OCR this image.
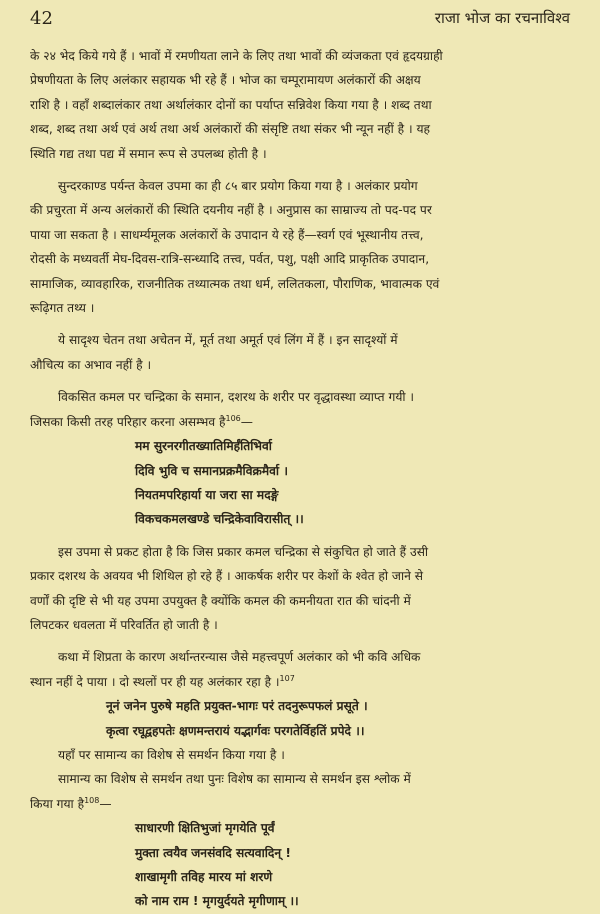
42	राजा भोज का रचनाविश्व
के २४ भेद किये गये हैं । भावों में रमणीयता लाने के लिए तथा भावों की व्यंजकता एवं हृदयग्राही
प्रेषणीयता के लिए अलंकार सहायक भी रहे हैं । भोज का चम्पूरामायण अलंकारों की अक्षय
राशि है । वहाँ शब्दालंकार तथा अर्थालंकार दोनों का पर्याप्त सन्निवेश किया गया है । शब्द तथा
शब्द, शब्द तथा अर्थ एवं अर्थ तथा अर्थ अलंकारों की संसृष्टि तथा संकर भी न्यून नहीं है । यह
स्थिति गद्य तथा पद्य में समान रूप से उपलब्ध होती है ।
सुन्दरकाण्ड पर्यन्त केवल उपमा का ही ८५ बार प्रयोग किया गया है । अलंकार प्रयोग
की प्रचुरता में अन्य अलंकारों की स्थिति दयनीय नहीं है । अनुप्रास का साम्राज्य तो पद-पद पर
पाया जा सकता है । साधर्म्यमूलक अलंकारों के उपादान ये रहे हैं—स्वर्ग एवं भूस्थानीय तत्त्व,
रोदसी के मध्यवर्ती मेघ-दिवस-रात्रि-सन्ध्यादि तत्त्व, पर्वत, पशु, पक्षी आदि प्राकृतिक उपादान,
सामाजिक, व्यावहारिक, राजनीतिक तथ्यात्मक तथा धर्म, ललितकला, पौराणिक, भावात्मक एवं
रूढ़िगत तथ्य ।
ये सादृश्य चेतन तथा अचेतन में, मूर्त तथा अमूर्त एवं लिंग में हैं । इन सादृश्यों में
औचित्य का अभाव नहीं है ।
विकसित कमल पर चन्द्रिका के समान, दशरथ के शरीर पर वृद्धावस्था व्याप्त गयी ।
जिसका किसी तरह परिहार करना असम्भव है$^{106}$—
मम सुरनरगीतख्यातिमिर्हंतिभिर्वा
दिवि भुवि च समानप्रक्रमैविक्रमैर्वा ।
नियतमपरिहार्या या जरा सा मदङ्गे
विकचकमलखण्डे चन्द्रिकेवाविरासीत् ।।
इस उपमा से प्रकट होता है कि जिस प्रकार कमल चन्द्रिका से संकुचित हो जाते हैं उसी
प्रकार दशरथ के अवयव भी शिथिल हो रहे हैं । आकर्षक शरीर पर केशों के श्वेत हो जाने से
वर्णों की दृष्टि से भी यह उपमा उपयुक्त है क्योंकि कमल की कमनीयता रात की चांदनी में
लिपटकर धवलता में परिवर्तित हो जाती है ।
कथा में शिप्रता के कारण अर्थान्तरन्यास जैसे महत्त्वपूर्ण अलंकार को भी कवि अधिक
स्थान नहीं दे पाया । दो स्थलों पर ही यह अलंकार रहा है ।$^{107}$
नूनं जनेन पुरुषे महति प्रयुक्त-भागः परं तदनुरूपफलं प्रसूते ।
कृत्वा रघूद्वहपतेः क्षणमन्तरायं यद्भार्गवः परगतेर्विहतिं प्रपेदे ।।
यहाँ पर सामान्य का विशेष से समर्थन किया गया है ।
सामान्य का विशेष से समर्थन तथा पुनः विशेष का सामान्य से समर्थन इस श्लोक में
किया गया है$^{108}$—
साधारणी क्षितिभुजां मृगयेति पूर्वं
मुक्ता त्वयैव जनसंवदि सत्यवादिन् !
शाखामृगी तविह मारय मां शरणे
को नाम राम ! मृगयुर्दयते मृगीणाम् ।।
